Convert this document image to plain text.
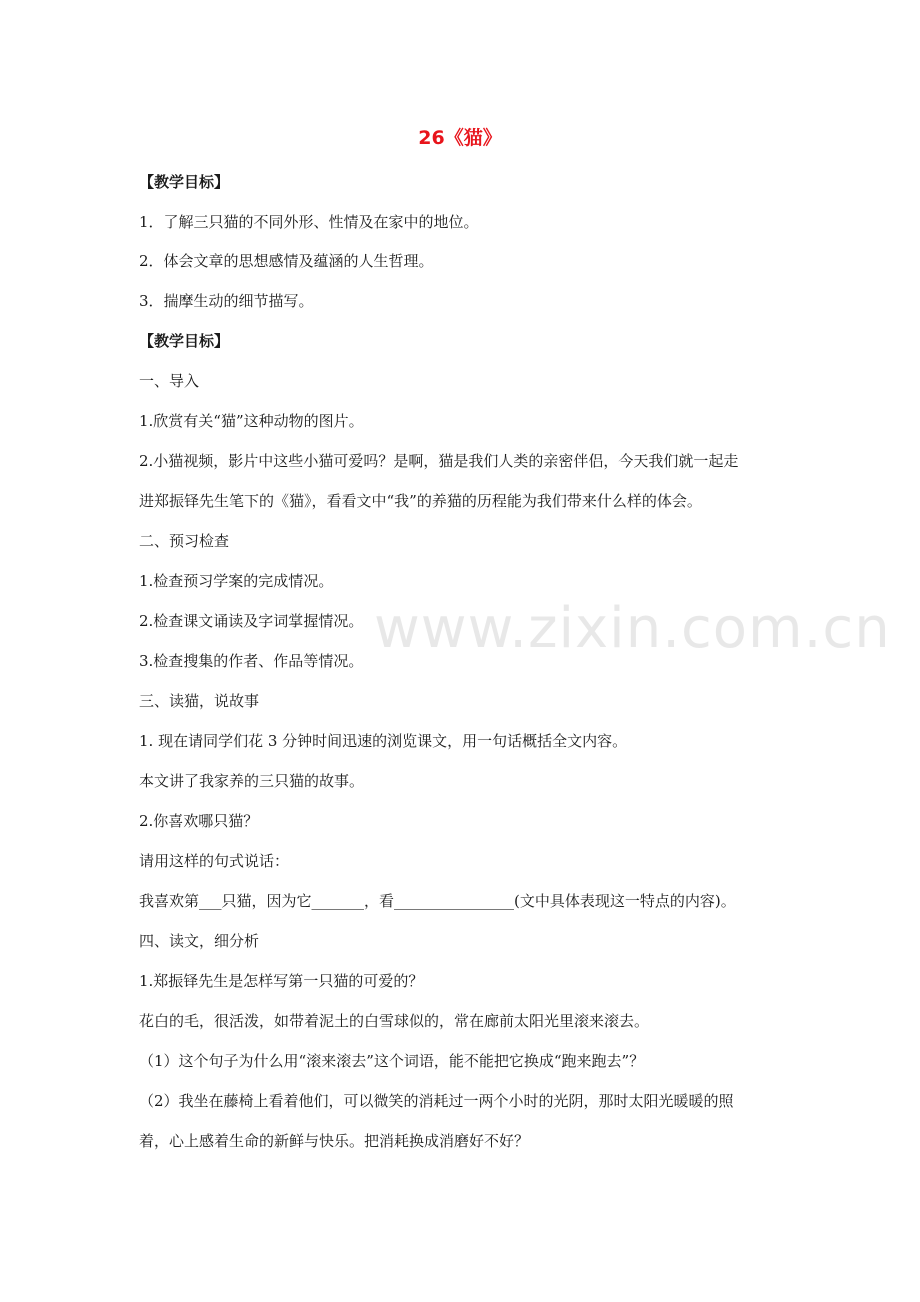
26《猫》
【教学目标】
1．了解三只猫的不同外形、性情及在家中的地位。
2．体会文章的思想感情及蕴涵的人生哲理。
3．揣摩生动的细节描写。
【教学目标】
一、导入
1.欣赏有关“猫”这种动物的图片。
2.小猫视频，影片中这些小猫可爱吗？是啊，猫是我们人类的亲密伴侣，今天我们就一起走
进郑振铎先生笔下的《猫》，看看文中“我”的养猫的历程能为我们带来什么样的体会。
二、预习检查
1.检查预习学案的完成情况。
2.检查课文诵读及字词掌握情况。
3.检查搜集的作者、作品等情况。
三、读猫，说故事
1. 现在请同学们花 3 分钟时间迅速的浏览课文，用一句话概括全文内容。
本文讲了我家养的三只猫的故事。
2.你喜欢哪只猫？
请用这样的句式说话：
我喜欢第___只猫，因为它_______，看________________(文中具体表现这一特点的内容)。
四、读文，细分析
1.郑振铎先生是怎样写第一只猫的可爱的？
花白的毛，很活泼，如带着泥土的白雪球似的，常在廊前太阳光里滚来滚去。
（1）这个句子为什么用“滚来滚去”这个词语，能不能把它换成“跑来跑去”？
（2）我坐在藤椅上看着他们，可以微笑的消耗过一两个小时的光阴，那时太阳光暖暖的照
着，心上感着生命的新鲜与快乐。把消耗换成消磨好不好？
www.zixin.com.cn
